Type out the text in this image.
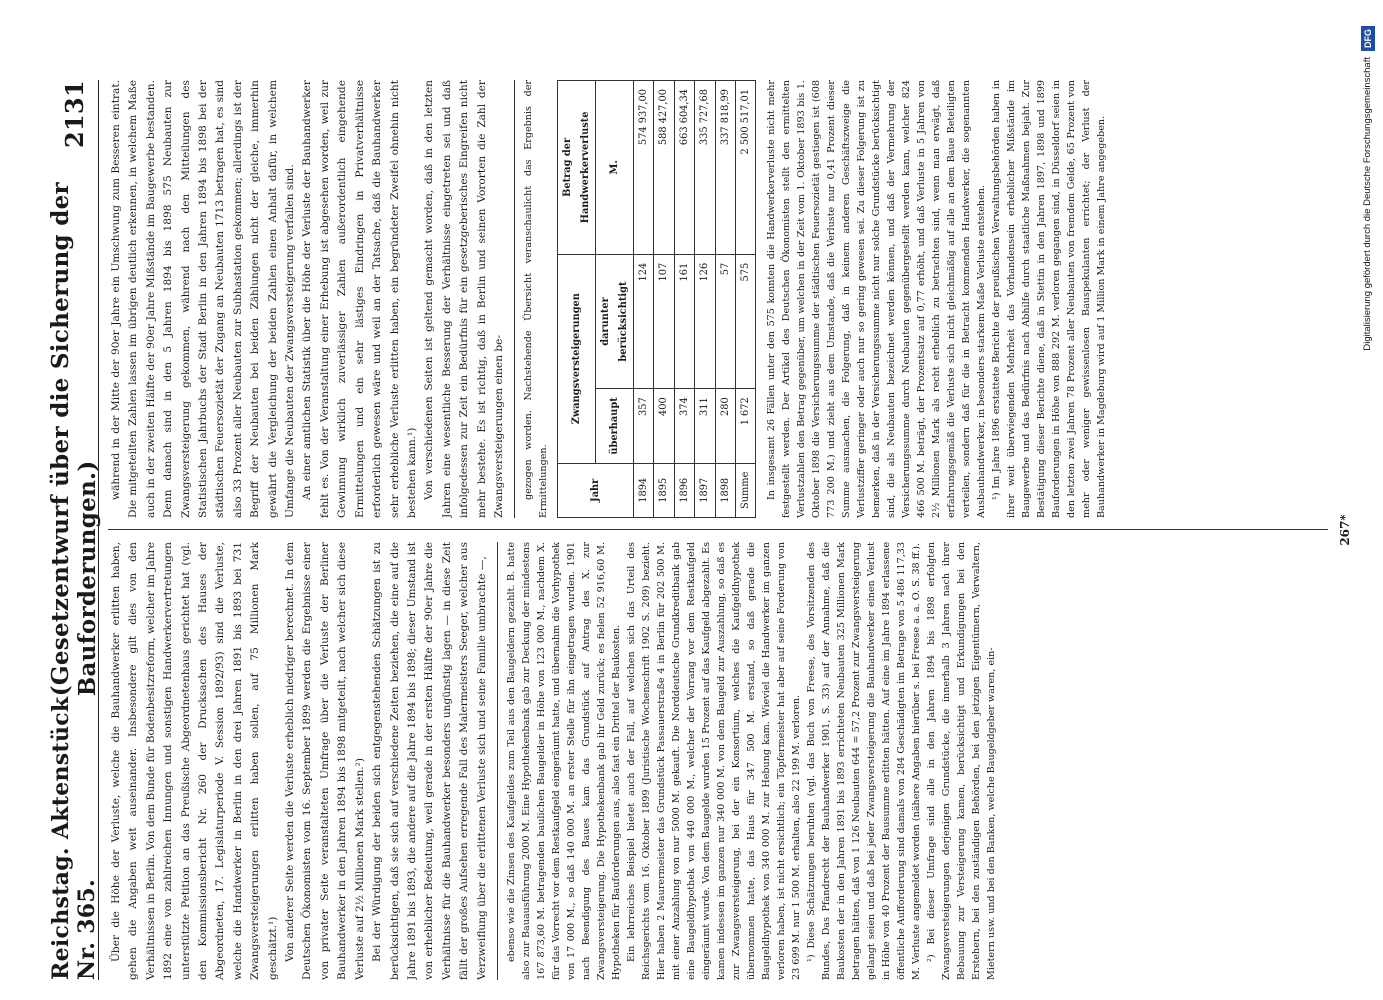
Reichstag. Aktenstück Nr. 365.
(Gesetzentwurf über die Sicherung der Bauforderungen.)
2131

Über die Höhe der Verluste, welche die Bauhandwerker erlitten haben, gehen die Angaben weit auseinander. Insbesondere gilt dies von den Verhältnissen in Berlin. Von dem Bunde für Bodenbesitzreform, welcher im Jahre 1892 eine von zahlreichen Innungen und sonstigen Handwerkervertretungen unterstützte Petition an das Preußische Abgeordnetenhaus gerichtet hat (vgl. den Kommissionsbericht Nr. 260 der Drucksachen des Hauses der Abgeordneten, 17. Legislaturperiode V. Session 1892/93) sind die Verluste, welche die Handwerker in Berlin in den drei Jahren 1891 bis 1893 bei 731 Zwangsversteigerungen erlitten haben sollen, auf 75 Millionen Mark geschätzt.¹) Von anderer Seite werden die Verluste erheblich niedriger berechnet. In dem Deutschen Ökonomisten vom 16. September 1899 werden die Ergebnisse einer von privater Seite veranstalteten Umfrage über die Verluste der Berliner Bauhandwerker in den Jahren 1894 bis 1898 mitgeteilt, nach welcher sich diese Verluste auf 2½ Millionen Mark stellen.²) Bei der Würdigung der beiden sich entgegenstehenden Schätzungen ist zu berücksichtigen, daß sie sich auf verschiedene Zeiten beziehen, die eine auf die Jahre 1891 bis 1893, die andere auf die Jahre 1894 bis 1898; dieser Umstand ist von erheblicher Bedeutung, weil gerade in der ersten Hälfte der 90er Jahre die Verhältnisse für die Bauhandwerker besonders ungünstig lagen — in diese Zeit fällt der großes Aufsehen erregende Fall des Malermeisters Seeger, welcher aus Verzweiflung über die erlittenen Verluste sich und seine Familie umbrachte —,	ebenso wie die Zinsen des Kaufgeldes zum Teil aus den Baugeldern gezahlt. B. hatte also zur Bauausführung 2000 M. Eine Hypothekenbank gab zur Deckung der mindestens 167 873,60 M. betragenden baulichen Baugelder in Höhe von 123 000 M., nachdem X. für das Vorrecht vor dem Restkaufgeld eingeräumt hatte, und übernahm die Vorhypothek von 17 000 M., so daß 140 000 M. an erster Stelle für ihn eingetragen wurden. 1901 nach Beendigung des Baues kam das Grundstück auf Antrag des X. zur Zwangsversteigerung. Die Hypothekenbank gab ihr Geld zurück; es fielen 52 916,60 M. Hypotheken für Bauforderungen aus, also fast ein Drittel der Baukosten. Ein lehrreiches Beispiel bietet auch der Fall, auf welchen sich das Urteil des Reichsgerichts vom 16. Oktober 1899 (Juristische Wochenschrift 1902 S. 209) bezieht. Hier haben 2 Maurermeister das Grundstück Passauerstraße 4 in Berlin für 202 500 M. mit einer Anzahlung von nur 5000 M. gekauft. Die Norddeutsche Grundkreditbank gab eine Baugeldhypothek von 440 000 M., welcher der Vorrang vor dem Restkaufgeld eingeräumt wurde. Von dem Baugelde wurden 15 Prozent auf das Kaufgeld abgezahlt. Es kamen indessen im ganzen nur 340 000 M. von dem Baugeld zur Auszahlung, so daß es zur Zwangsversteigerung, bei der ein Konsortium, welches die Kaufgeldhypothek übernommen hatte, das Haus für 347 500 M. erstand, so daß gerade die Baugeldhypothek von 340 000 M. zur Hebung kam. Wieviel die Handwerker im ganzen verloren haben, ist nicht ersichtlich; ein Töpfermeister hat aber auf seine Forderung von 23 699 M. nur 1 500 M. erhalten, also 22 199 M. verloren. ¹) Diese Schätzungen beruhten (vgl. das Buch von Freese, des Vorsitzenden des Bundes, Das Pfandrecht der Bauhandwerker 1901, S. 33) auf der Annahme, daß die Baukosten der in den Jahren 1891 bis 1893 errichteten Neubauten 325 Millionen Mark betragen hätten, daß von 1 126 Neubauten 644 = 57,2 Prozent zur Zwangsversteigerung gelangt seien und daß bei jeder Zwangsversteigerung die Bauhandwerker einen Verlust in Höhe von 40 Prozent der Bausumme erlitten hätten. Auf eine im Jahre 1894 erlassene öffentliche Aufforderung sind damals von 284 Geschädigten im Betrage von 5 486 117,33 M. Verluste angemeldet worden (nähere Angaben hierüber s. bei Freese a. a. O. S. 38 ff.). ²) Bei dieser Umfrage sind alle in den Jahren 1894 bis 1898 erfolgten Zwangsversteigerungen derjenigen Grundstücke, die innerhalb 3 Jahren nach ihrer Bebauung zur Versteigerung kamen, berücksichtigt und Erkundigungen bei den Erstehern, bei den zuständigen Behörden, bei den jetzigen Eigentümern, Verwaltern, Mietern usw. und bei den Banken, welche Baugeldgeber waren, ein-

während in der Mitte der 90er Jahre ein Umschwung zum Besseren eintrat. Die mitgeteilten Zahlen lassen im übrigen deutlich erkennen, in welchem Maße auch in der zweiten Hälfte der 90er Jahre Mißstände im Baugewerbe bestanden. Denn danach sind in den 5 Jahren 1894 bis 1898 575 Neubauten zur Zwangsversteigerung gekommen, während nach den Mitteilungen des Statistischen Jahrbuchs der Stadt Berlin in den Jahren 1894 bis 1898 bei der städtischen Feuersozietät der Zugang an Neubauten 1713 betragen hat, es sind also 33 Prozent aller Neubauten zur Subhastation gekommen; allerdings ist der Begriff der Neubauten bei beiden Zählungen nicht der gleiche, immerhin gewährt die Vergleichung der beiden Zahlen einen Anhalt dafür, in welchem Umfange die Neubauten der Zwangsversteigerung verfallen sind. An einer amtlichen Statistik über die Höhe der Verluste der Bauhandwerker fehlt es. Von der Veranstaltung einer Erhebung ist abgesehen worden, weil zur Gewinnung wirklich zuverlässiger Zahlen außerordentlich eingehende Ermittelungen und ein sehr lästiges Eindringen in Privatverhältnisse erforderlich gewesen wäre und weil an der Tatsache, daß die Bauhandwerker sehr erhebliche Verluste erlitten haben, ein begründeter Zweifel ohnehin nicht bestehen kann.¹) Von verschiedenen Seiten ist geltend gemacht worden, daß in den letzten Jahren eine wesentliche Besserung der Verhältnisse eingetreten sei und daß infolgedessen zur Zeit ein Bedürfnis für ein gesetzgeberisches Eingreifen nicht mehr bestehe. Es ist richtig, daß in Berlin und seinen Vororten die Zahl der Zwangsversteigerungen einen be-	gezogen worden. Nachstehende Übersicht veranschaulicht das Ergebnis der Ermittelungen.	Jahr	Zwangsversteigerungen		Betrag der Handwerkerverluste
	überhaupt	darunter berücksichtigt	M.
1894	357	124	574 937,00
1895	400	107	588 427,00
1896	374	161	663 604,34
1897	311	126	335 727,68
1898	280	57	337 818,99
Summe	1 672	575	2 500 517,01 In insgesamt 26 Fällen unter den 575 konnten die Handwerkerverluste nicht mehr festgestellt werden. Der Artikel des Deutschen Ökonomisten stellt den ermittelten Verlustzahlen den Betrag gegenüber, um welchen in der Zeit vom 1. Oktober 1893 bis 1. Oktober 1898 die Versicherungssumme der städtischen Feuersozietät gestiegen ist (608 773 200 M.) und zieht aus dem Umstande, daß die Verluste nur 0,41 Prozent dieser Summe ausmachen, die Folgerung, daß in keinem anderen Geschäftszweige die Verlustziffer geringer oder auch nur so gering gewesen sei. Zu dieser Folgerung ist zu bemerken, daß in der Versicherungssumme nicht nur solche Grundstücke berücksichtigt sind, die als Neubauten bezeichnet werden können, und daß der Vermehrung der Versicherungssumme durch Neubauten gegenübergestellt werden kann, welcher 824 466 500 M. beträgt, der Prozentsatz auf 0,77 erhöht, und daß Verluste in 5 Jahren von 2½ Millionen Mark als recht erheblich zu betrachten sind, wenn man erwägt, daß erfahrungsgemäß die Verluste sich nicht gleichmäßig auf alle an dem Baue Beteiligten verteilen, sondern daß für die in Betracht kommenden Handwerker, die sogenannten Ausbauhandwerker, in besonders starkem Maße Verluste entstehen. ¹) Im Jahre 1896 erstattete Berichte der preußischen Verwaltungsbehörden haben in ihrer weit überwiegenden Mehrheit das Vorhandensein erheblicher Mißstände im Baugewerbe und das Bedürfnis nach Abhilfe durch staatliche Maßnahmen bejaht. Zur Bestätigung dieser Berichte diene, daß in Stettin in den Jahren 1897, 1898 und 1899 Bauforderungen in Höhe von 888 292 M. verloren gegangen sind, in Düsseldorf seien in den letzten zwei Jahren 78 Prozent aller Neubauten von fremdem Gelde, 65 Prozent von mehr oder weniger gewissenlosen Bauspekulanten errichtet; der Verlust der Bauhandwerker in Magdeburg wird auf 1 Million Mark in einem Jahre angegeben.

267*
Digitalisierung gefördert durch die Deutsche Forschungsgemeinschaft
DFG
